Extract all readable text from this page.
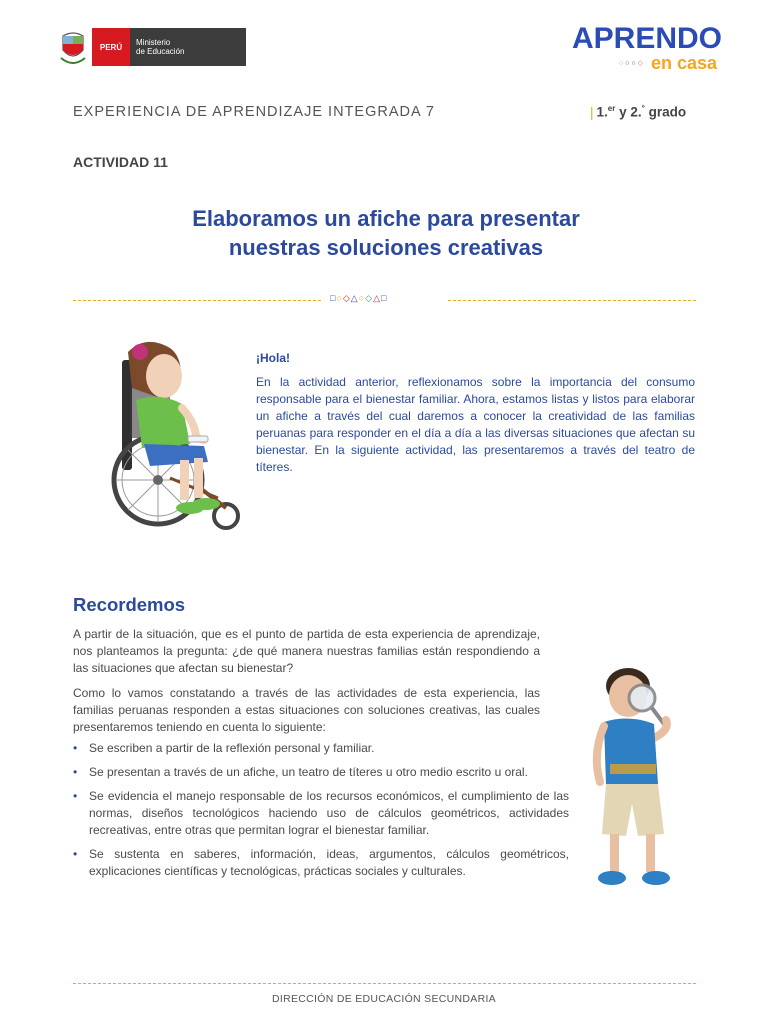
PERÚ	Ministerio
de Educación	APRENDO
○○○◇ en casa
EXPERIENCIA DE APRENDIZAJE INTEGRADA 7	| 1.$^{er}$ y 2.° grado
ACTIVIDAD 11
Elaboramos un afiche para presentar
nuestras soluciones creativas
□○◇△○◇△□
¡Hola!
En la actividad anterior, reflexionamos sobre la importancia del consumo responsable para el bienestar familiar. Ahora, estamos listas y listos para elaborar un afiche a través del cual daremos a conocer la creatividad de las familias peruanas para responder en el día a día a las diversas situaciones que afectan su bienestar. En la siguiente actividad, las presentaremos a través del teatro de títeres.
Recordemos
A partir de la situación, que es el punto de partida de esta experiencia de aprendizaje, nos planteamos la pregunta: ¿de qué manera nuestras familias están respondiendo a las situaciones que afectan su bienestar?
Como lo vamos constatando a través de las actividades de esta experiencia, las familias peruanas responden a estas situaciones con soluciones creativas, las cuales presentaremos teniendo en cuenta lo siguiente:
• Se escriben a partir de la reflexión personal y familiar.
• Se presentan a través de un afiche, un teatro de títeres u otro medio escrito u oral.
• Se evidencia el manejo responsable de los recursos económicos, el cumplimiento de las normas, diseños tecnológicos haciendo uso de cálculos geométricos, actividades recreativas, entre otras que permitan lograr el bienestar familiar.
• Se sustenta en saberes, información, ideas, argumentos, cálculos geométricos, explicaciones científicas y tecnológicas, prácticas sociales y culturales.
DIRECCIÓN DE EDUCACIÓN SECUNDARIA
